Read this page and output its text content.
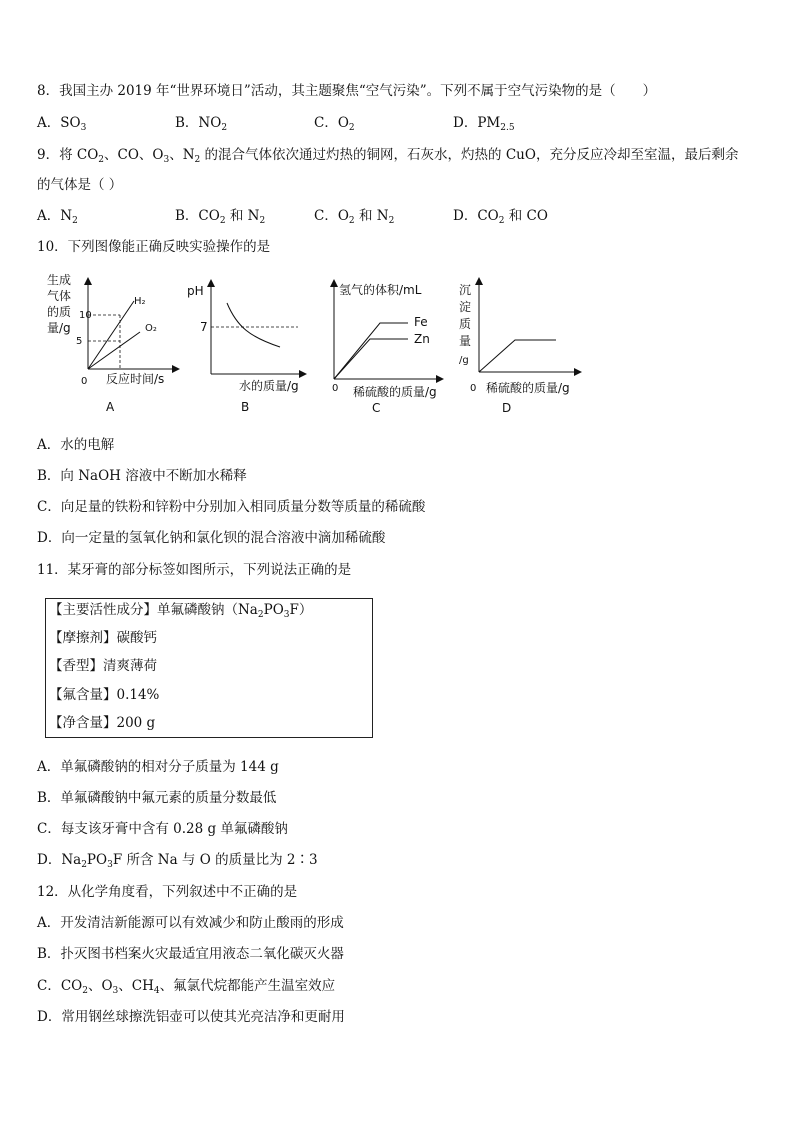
8．我国主办 2019 年“世界环境日”活动，其主题聚焦“空气污染”。下列不属于空气污染物的是（　　）
A．$SO_3$	B．$NO_2$	C．$O_2$	D．$PM_{2.5}$
9．将 $CO_2$、CO、$O_3$、$N_2$ 的混合气体依次通过灼热的铜网，石灰水，灼热的 CuO，充分反应冷却至室温，最后剩余
的气体是（ ）
A．$N_2$	B．$CO_2$ 和 $N_2$	C．$O_2$ 和 $N_2$	D．$CO_2$ 和 CO
10．下列图像能正确反映实验操作的是
生成
气体
的质
量/g
10
5
H₂
O₂
0 反应时间/s
A
pH
7
水的质量/g
B
氢气的体积/mL
Fe
Zn
0 稀硫酸的质量/g
C
沉
淀
质
量
/g
0 稀硫酸的质量/g
D
A．水的电解
B．向 NaOH 溶液中不断加水稀释
C．向足量的铁粉和锌粉中分别加入相同质量分数等质量的稀硫酸
D．向一定量的氢氧化钠和氯化钡的混合溶液中滴加稀硫酸
11．某牙膏的部分标签如图所示，下列说法正确的是
【主要活性成分】单氟磷酸钠$(Na_2PO_3F)$
【摩擦剂】碳酸钙
【香型】清爽薄荷
【氟含量】0.14%
【净含量】200 g
A．单氟磷酸钠的相对分子质量为 144 g
B．单氟磷酸钠中氟元素的质量分数最低
C．每支该牙膏中含有 0.28 g 单氟磷酸钠
D．$Na_2PO_3F$ 所含 Na 与 O 的质量比为 2∶3
12．从化学角度看，下列叙述中不正确的是
A．开发清洁新能源可以有效减少和防止酸雨的形成
B．扑灭图书档案火灾最适宜用液态二氧化碳灭火器
C．$CO_2$、$O_3$、$CH_4$、氟氯代烷都能产生温室效应
D．常用钢丝球擦洗铝壶可以使其光亮洁净和更耐用
